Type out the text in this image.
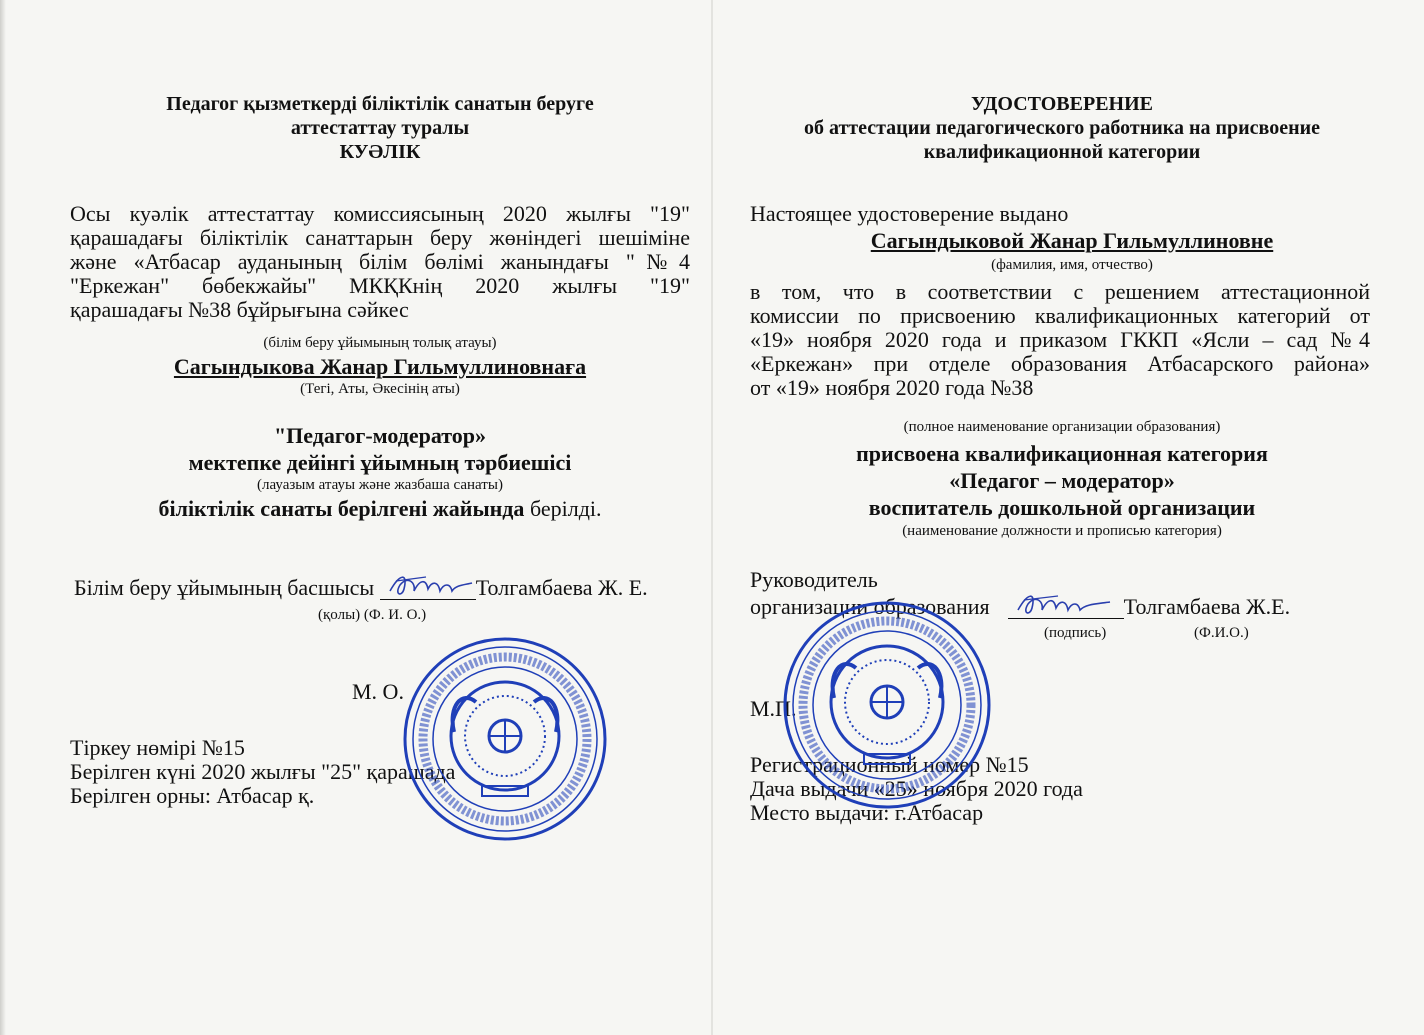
Педагог қызметкерді біліктілік санатын беруге
аттестаттау туралы
КУӘЛІК
Осы куәлік аттестаттау комиссиясының 2020 жылғы "19"
қарашадағы біліктілік санаттарын беру жөніндегі шешіміне
және «Атбасар ауданының білім бөлімі жанындағы "№4
"Еркежан" бөбекжайы" МКҚКнің 2020 жылғы "19"
қарашадағы №38 бұйрығына сәйкес
(білім беру ұйымының толық атауы)
Сагындыкова Жанар Гильмуллиновнаға
(Тегі, Аты, Әкесінің аты)
"Педагог-модератор»
мектепке дейінгі ұйымның тәрбиешісі
(лауазым атауы және жазбаша санаты)
біліктілік санаты берілгені жайында берілді.
Білім беру ұйымының басшысы	Толгамбаева Ж. Е.
(қолы) (Ф. И. О.)
М. О.
Тіркеу нөмірі №15
Берілген күні 2020 жылғы "25" қарашада
Берілген орны: Атбасар қ.
УДОСТОВЕРЕНИЕ
об аттестации педагогического работника на присвоение
квалификационной категории
Настоящее удостоверение выдано
Сагындыковой Жанар Гильмуллиновне
(фамилия, имя, отчество)
в том, что в соответствии с решением аттестационной
комиссии по присвоению квалификационных категорий от
«19» ноября 2020 года и приказом ГККП «Ясли – сад №4
«Еркежан» при отделе образования Атбасарского района»
от «19» ноября 2020 года №38
(полное наименование организации образования)
присвоена квалификационная категория
«Педагог – модератор»
воспитатель дошкольной организации
(наименование должности и прописью категория)
Руководитель
организации образования	Толгамбаева Ж.Е.
(подпись)	(Ф.И.О.)
М.П.
Регистрационный номер №15
Дача выдачи «25» ноября 2020 года
Место выдачи: г.Атбасар
